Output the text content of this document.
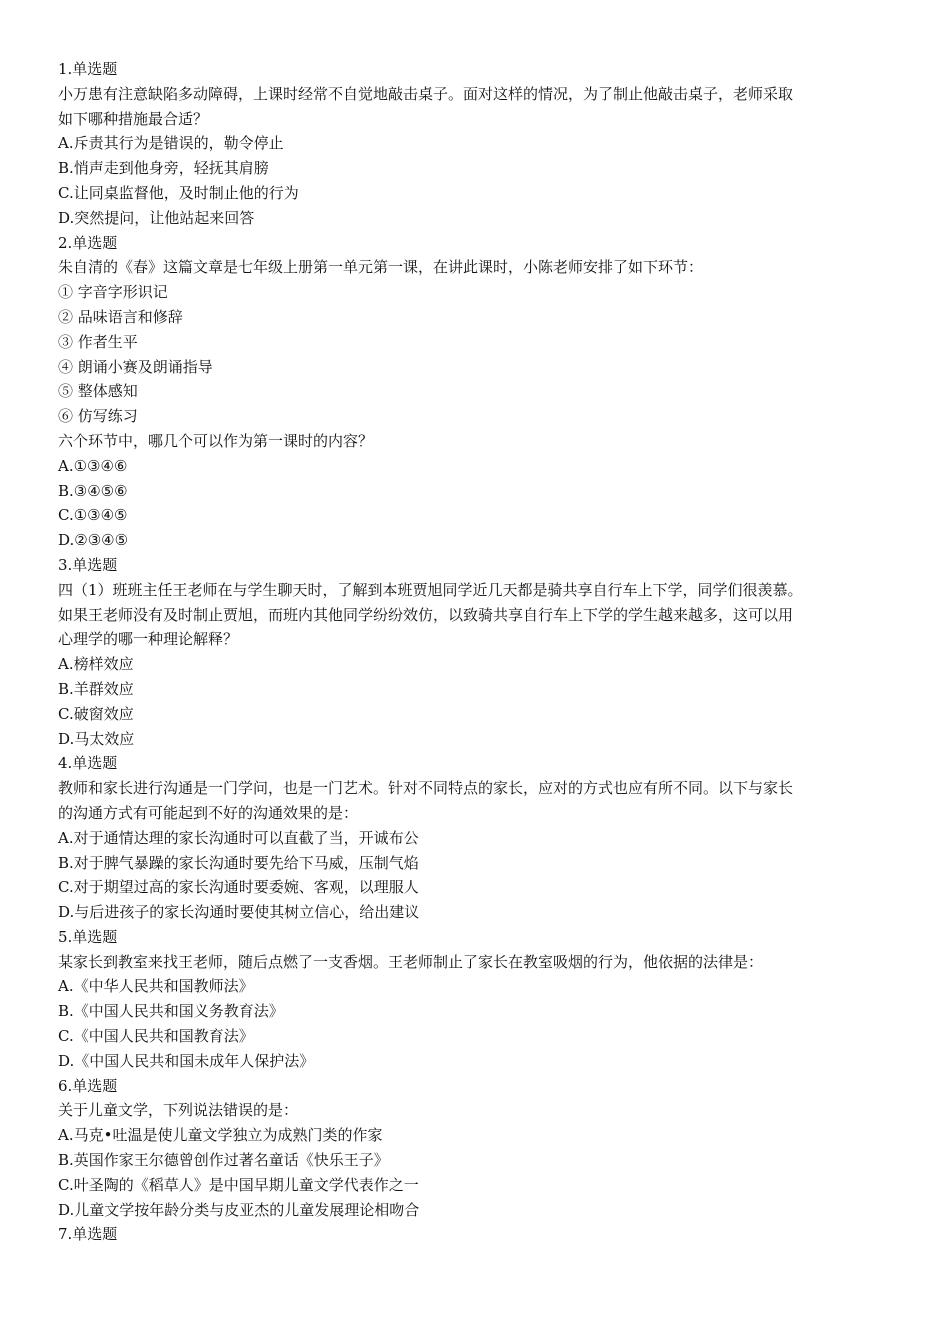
1.单选题

小万患有注意缺陷多动障碍，上课时经常不自觉地敲击桌子。面对这样的情况，为了制止他敲击桌子，老师采取

如下哪种措施最合适？

A.斥责其行为是错误的，勒令停止

B.悄声走到他身旁，轻抚其肩膀

C.让同桌监督他，及时制止他的行为

D.突然提问，让他站起来回答

2.单选题

朱自清的《春》这篇文章是七年级上册第一单元第一课，在讲此课时，小陈老师安排了如下环节：

① 字音字形识记

② 品味语言和修辞

③ 作者生平

④ 朗诵小赛及朗诵指导

⑤ 整体感知

⑥ 仿写练习

六个环节中，哪几个可以作为第一课时的内容？

A.①③④⑥

B.③④⑤⑥

C.①③④⑤

D.②③④⑤

3.单选题

四（1）班班主任王老师在与学生聊天时，了解到本班贾旭同学近几天都是骑共享自行车上下学，同学们很羡慕。

如果王老师没有及时制止贾旭，而班内其他同学纷纷效仿，以致骑共享自行车上下学的学生越来越多，这可以用

心理学的哪一种理论解释？

A.榜样效应

B.羊群效应

C.破窗效应

D.马太效应

4.单选题

教师和家长进行沟通是一门学问，也是一门艺术。针对不同特点的家长，应对的方式也应有所不同。以下与家长

的沟通方式有可能起到不好的沟通效果的是：

A.对于通情达理的家长沟通时可以直截了当，开诚布公

B.对于脾气暴躁的家长沟通时要先给下马威，压制气焰

C.对于期望过高的家长沟通时要委婉、客观，以理服人

D.与后进孩子的家长沟通时要使其树立信心，给出建议

5.单选题

某家长到教室来找王老师，随后点燃了一支香烟。王老师制止了家长在教室吸烟的行为，他依据的法律是：

A.《中华人民共和国教师法》

B.《中国人民共和国义务教育法》

C.《中国人民共和国教育法》

D.《中国人民共和国未成年人保护法》

6.单选题

关于儿童文学，下列说法错误的是：

A.马克•吐温是使儿童文学独立为成熟门类的作家

B.英国作家王尔德曾创作过著名童话《快乐王子》

C.叶圣陶的《稻草人》是中国早期儿童文学代表作之一

D.儿童文学按年龄分类与皮亚杰的儿童发展理论相吻合

7.单选题
